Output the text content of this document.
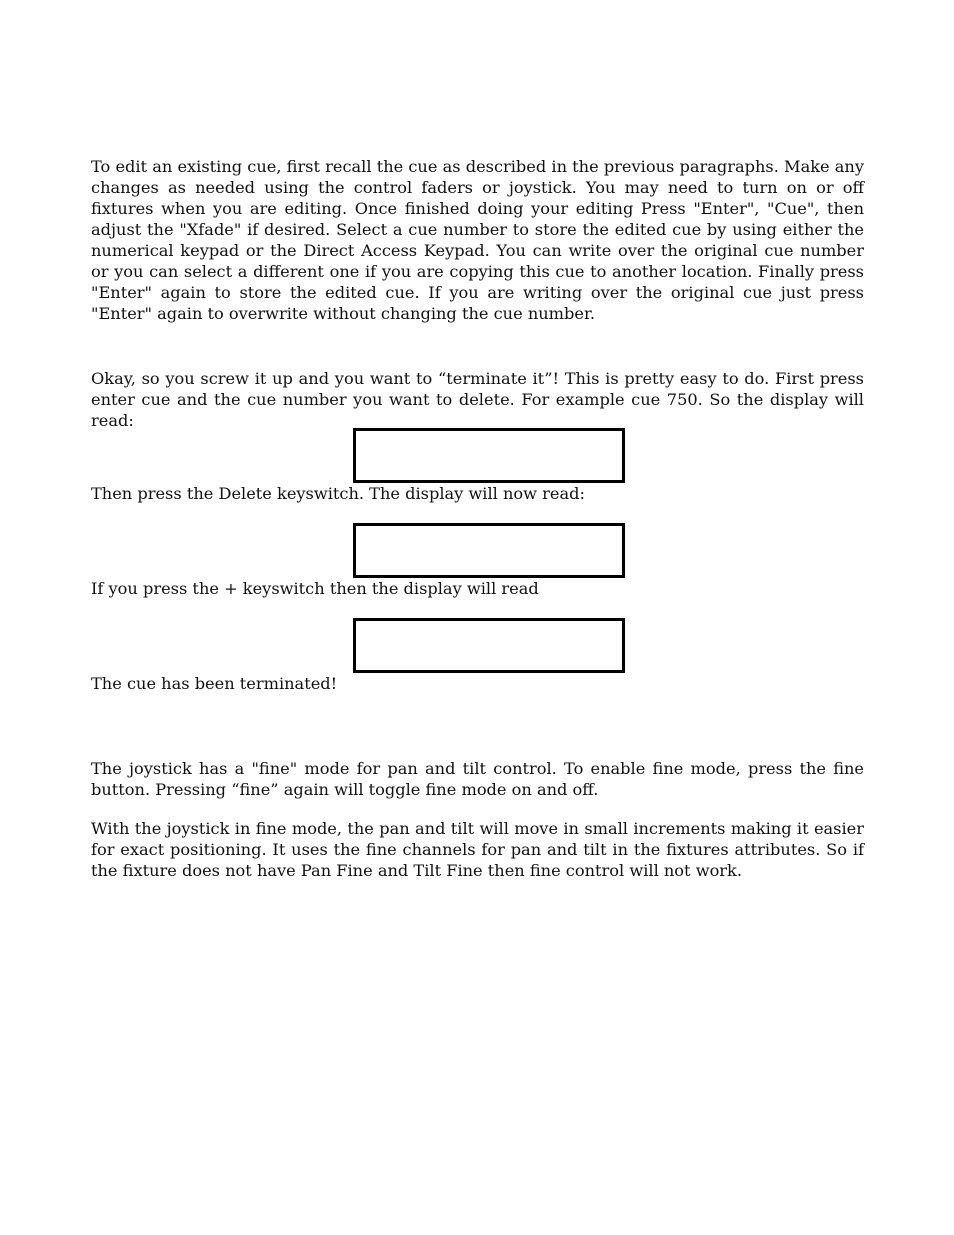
To edit an existing cue, first recall the cue as described in the previous paragraphs. Make any changes as needed using the control faders or joystick. You may need to turn on or off fixtures when you are editing. Once finished doing your editing Press "Enter", "Cue", then adjust the "Xfade" if desired. Select a cue number to store the edited cue by using either the numerical keypad or the Direct Access Keypad. You can write over the original cue number or you can select a different one if you are copying this cue to another location. Finally press "Enter" again to store the edited cue. If you are writing over the original cue just press "Enter" again to overwrite without changing the cue number.

Okay, so you screw it up and you want to “terminate it”! This is pretty easy to do. First press enter cue and the cue number you want to delete. For example cue 750. So the display will read:

Then press the Delete keyswitch. The display will now read:

If you press the + keyswitch then the display will read

The cue has been terminated!

The joystick has a "fine" mode for pan and tilt control. To enable fine mode, press the fine button. Pressing “fine” again will toggle fine mode on and off.

With the joystick in fine mode, the pan and tilt will move in small increments making it easier for exact positioning. It uses the fine channels for pan and tilt in the fixtures attributes. So if the fixture does not have Pan Fine and Tilt Fine then fine control will not work.
